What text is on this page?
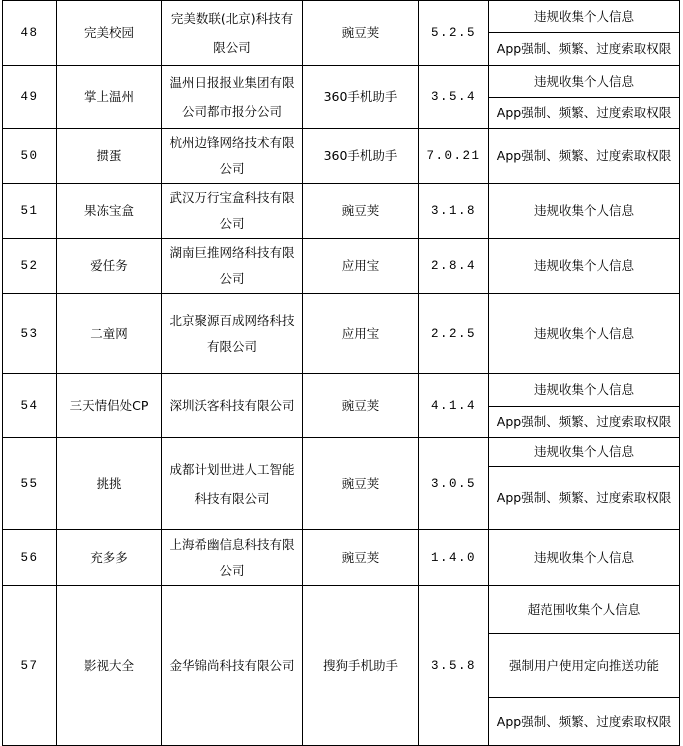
48	完美校园	完美数联(北京)科技有限公司	豌豆荚	5.2.5	违规收集个人信息
					App强制、频繁、过度索取权限
49	掌上温州	温州日报报业集团有限公司都市报分公司	360手机助手	3.5.4	违规收集个人信息
					App强制、频繁、过度索取权限
50	掼蛋	杭州边锋网络技术有限公司	360手机助手	7.0.21	App强制、频繁、过度索取权限
51	果冻宝盒	武汉万行宝盒科技有限公司	豌豆荚	3.1.8	违规收集个人信息
52	爱任务	湖南巨推网络科技有限公司	应用宝	2.8.4	违规收集个人信息
53	二童网	北京聚源百成网络科技有限公司	应用宝	2.2.5	违规收集个人信息
54	三天情侣处CP	深圳沃客科技有限公司	豌豆荚	4.1.4	违规收集个人信息
					App强制、频繁、过度索取权限
55	挑挑	成都计划世进人工智能科技有限公司	豌豆荚	3.0.5	违规收集个人信息
					App强制、频繁、过度索取权限
56	充多多	上海希幽信息科技有限公司	豌豆荚	1.4.0	违规收集个人信息
57	影视大全	金华锦尚科技有限公司	搜狗手机助手	3.5.8	超范围收集个人信息
					强制用户使用定向推送功能
					App强制、频繁、过度索取权限
